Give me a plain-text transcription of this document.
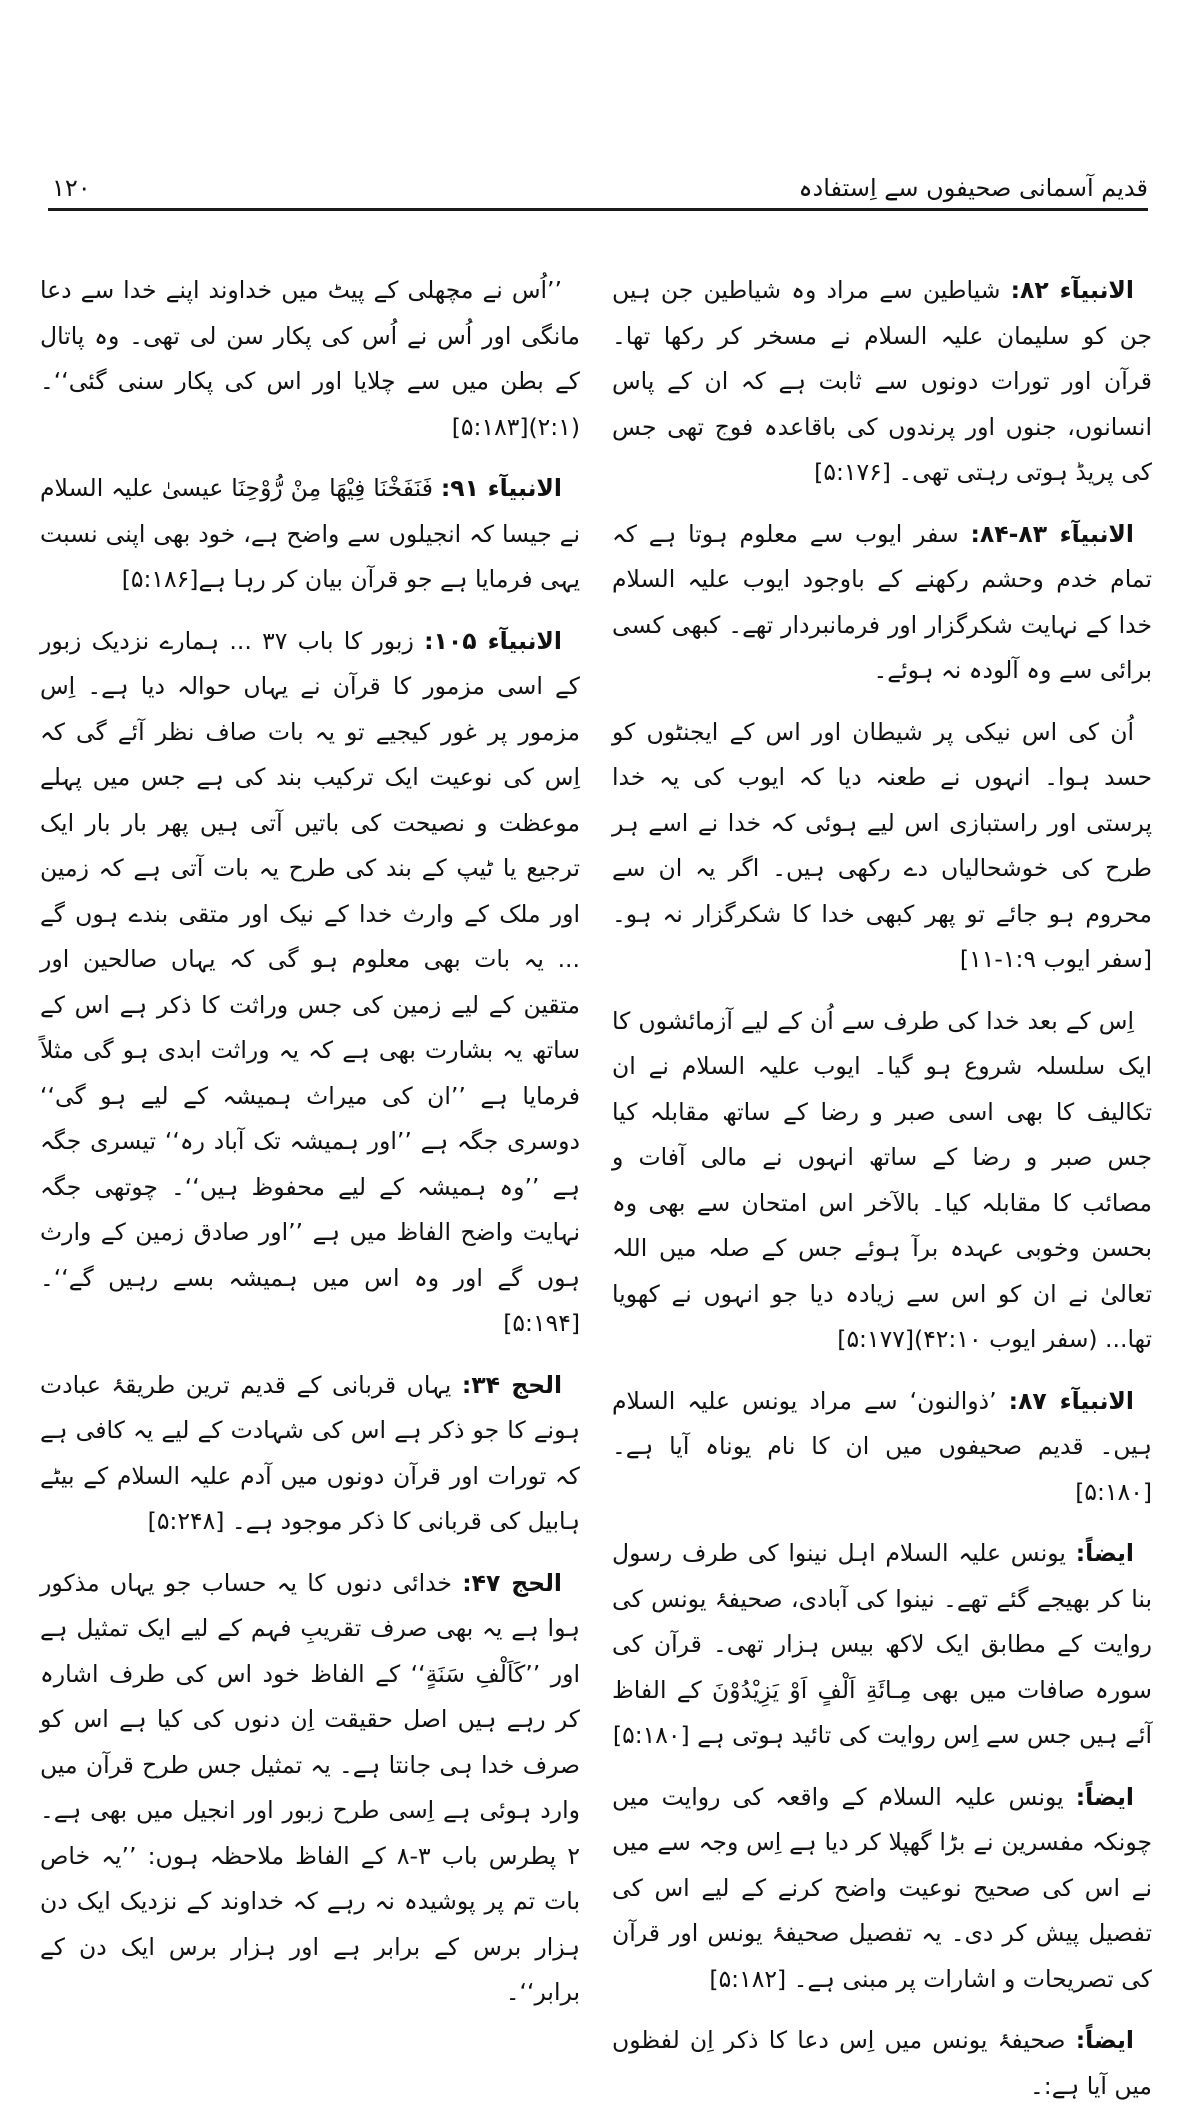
قدیم آسمانی صحیفوں سے اِستفادہ
١٢٠

الانبیآء ۸۲: شیاطین سے مراد وہ شیاطین جن ہیں جن کو سلیمان علیہ السلام نے مسخر کر رکھا تھا۔ قرآن اور تورات دونوں سے ثابت ہے کہ ان کے پاس انسانوں، جنوں اور پرندوں کی باقاعدہ فوج تھی جس کی پریڈ ہوتی رہتی تھی۔ [۵:۱۷۶]

الانبیآء ۸۳-۸۴: سفر ایوب سے معلوم ہوتا ہے کہ تمام خدم وحشم رکھنے کے باوجود ایوب علیہ السلام خدا کے نہایت شکرگزار اور فرمانبردار تھے۔ کبھی کسی برائی سے وہ آلودہ نہ ہوئے۔

اُن کی اس نیکی پر شیطان اور اس کے ایجنٹوں کو حسد ہوا۔ انہوں نے طعنہ دیا کہ ایوب کی یہ خدا پرستی اور راستبازی اس لیے ہوئی کہ خدا نے اسے ہر طرح کی خوشحالیاں دے رکھی ہیں۔ اگر یہ ان سے محروم ہو جائے تو پھر کبھی خدا کا شکرگزار نہ ہو۔ [سفر ایوب ۱:۹-۱۱]

اِس کے بعد خدا کی طرف سے اُن کے لیے آزمائشوں کا ایک سلسلہ شروع ہو گیا۔ ایوب علیہ السلام نے ان تکالیف کا بھی اسی صبر و رضا کے ساتھ مقابلہ کیا جس صبر و رضا کے ساتھ انہوں نے مالی آفات و مصائب کا مقابلہ کیا۔ بالآخر اس امتحان سے بھی وہ بحسن وخوبی عہدہ برآ ہوئے جس کے صلہ میں اللہ تعالیٰ نے ان کو اس سے زیادہ دیا جو انہوں نے کھویا تھا... (سفر ایوب ۴۲:۱۰)[۵:۱۷۷]

الانبیآء ۸۷: ’ذوالنون‘ سے مراد یونس علیہ السلام ہیں۔ قدیم صحیفوں میں ان کا نام یوناہ آیا ہے۔ [۵:۱۸۰]

ایضاً: یونس علیہ السلام اہل نینوا کی طرف رسول بنا کر بھیجے گئے تھے۔ نینوا کی آبادی، صحیفۂ یونس کی روایت کے مطابق ایک لاکھ بیس ہزار تھی۔ قرآن کی سورہ صافات میں بھی مِـائَةِ اَلْفٍ اَوْ يَزِيْدُوْنَ کے الفاظ آئے ہیں جس سے اِس روایت کی تائید ہوتی ہے [۵:۱۸۰]

ایضاً: یونس علیہ السلام کے واقعہ کی روایت میں چونکہ مفسرین نے بڑا گھپلا کر دیا ہے اِس وجہ سے میں نے اس کی صحیح نوعیت واضح کرنے کے لیے اس کی تفصیل پیش کر دی۔ یہ تفصیل صحیفۂ یونس اور قرآن کی تصریحات و اشارات پر مبنی ہے۔ [۵:۱۸۲]

ایضاً: صحیفۂ یونس میں اِس دعا کا ذکر اِن لفظوں میں آیا ہے:۔

’’اُس نے مچھلی کے پیٹ میں خداوند اپنے خدا سے دعا مانگی اور اُس نے اُس کی پکار سن لی تھی۔ وہ پاتال کے بطن میں سے چلایا اور اس کی پکار سنی گئی‘‘۔ (۲:۱)[۵:۱۸۳]

الانبیآء ۹۱: فَنَفَخْنَا فِيْهَا مِنْ رُّوْحِنَا عیسیٰ علیہ السلام نے جیسا کہ انجیلوں سے واضح ہے، خود بھی اپنی نسبت یہی فرمایا ہے جو قرآن بیان کر رہا ہے[۵:۱۸۶]

الانبیآء ۱۰۵: زبور کا باب ۳۷ ... ہمارے نزدیک زبور کے اسی مزمور کا قرآن نے یہاں حوالہ دیا ہے۔ اِس مزمور پر غور کیجیے تو یہ بات صاف نظر آئے گی کہ اِس کی نوعیت ایک ترکیب بند کی ہے جس میں پہلے موعظت و نصیحت کی باتیں آتی ہیں پھر بار بار ایک ترجیع یا ٹیپ کے بند کی طرح یہ بات آتی ہے کہ زمین اور ملک کے وارث خدا کے نیک اور متقی بندے ہوں گے ... یہ بات بھی معلوم ہو گی کہ یہاں صالحین اور متقین کے لیے زمین کی جس وراثت کا ذکر ہے اس کے ساتھ یہ بشارت بھی ہے کہ یہ وراثت ابدی ہو گی مثلاً فرمایا ہے ’’ان کی میراث ہمیشہ کے لیے ہو گی‘‘ دوسری جگہ ہے ’’اور ہمیشہ تک آباد رہ‘‘ تیسری جگہ ہے ’’وہ ہمیشہ کے لیے محفوظ ہیں‘‘۔ چوتھی جگہ نہایت واضح الفاظ میں ہے ’’اور صادق زمین کے وارث ہوں گے اور وہ اس میں ہمیشہ بسے رہیں گے‘‘۔ [۵:۱۹۴]

الحج ۳۴: یہاں قربانی کے قدیم ترین طریقۂ عبادت ہونے کا جو ذکر ہے اس کی شہادت کے لیے یہ کافی ہے کہ تورات اور قرآن دونوں میں آدم علیہ السلام کے بیٹے ہابیل کی قربانی کا ذکر موجود ہے۔ [۵:۲۴۸]

الحج ۴۷: خدائی دنوں کا یہ حساب جو یہاں مذکور ہوا ہے یہ بھی صرف تقریبِ فہم کے لیے ایک تمثیل ہے اور ’’کَاَلْفِ سَنَةٍ‘‘ کے الفاظ خود اس کی طرف اشارہ کر رہے ہیں اصل حقیقت اِن دنوں کی کیا ہے اس کو صرف خدا ہی جانتا ہے۔ یہ تمثیل جس طرح قرآن میں وارد ہوئی ہے اِسی طرح زبور اور انجیل میں بھی ہے۔ ۲ پطرس باب ۳-۸ کے الفاظ ملاحظہ ہوں: ’’یہ خاص بات تم پر پوشیدہ نہ رہے کہ خداوند کے نزدیک ایک دن ہزار برس کے برابر ہے اور ہزار برس ایک دن کے برابر‘‘۔
